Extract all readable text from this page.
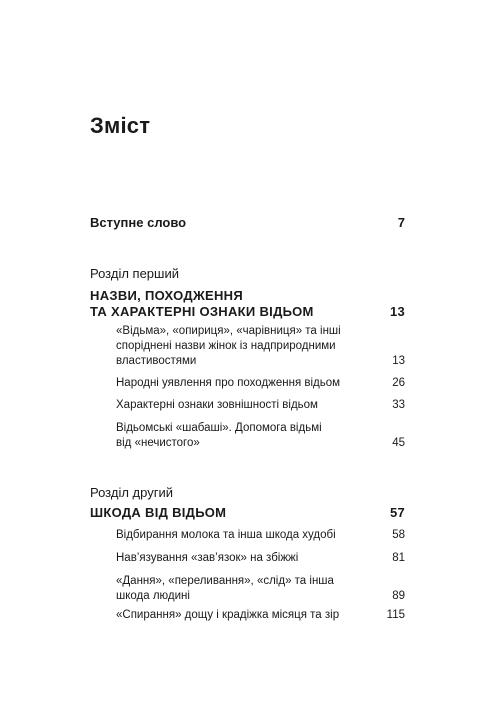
Зміст
Вступне слово	7
Розділ перший
НАЗВИ, ПОХОДЖЕННЯ
ТА ХАРАКТЕРНІ ОЗНАКИ ВІДЬОМ	13
«Відьма», «опириця», «чарівниця» та інші
споріднені назви жінок із надприродними
властивостями	13
Народні уявлення про походження відьом	26
Характерні ознаки зовнішності відьом	33
Відьомські «шабаші». Допомога відьмі
від «нечистого»	45
Розділ другий
ШКОДА ВІД ВІДЬОМ	57
Відбирання молока та інша шкода худобі	58
Нав’язування «зав’язок» на збіжжі	81
«Дання», «переливання», «слід» та інша
шкода людині	89
«Спирання» дощу і крадіжка місяця та зір	115
